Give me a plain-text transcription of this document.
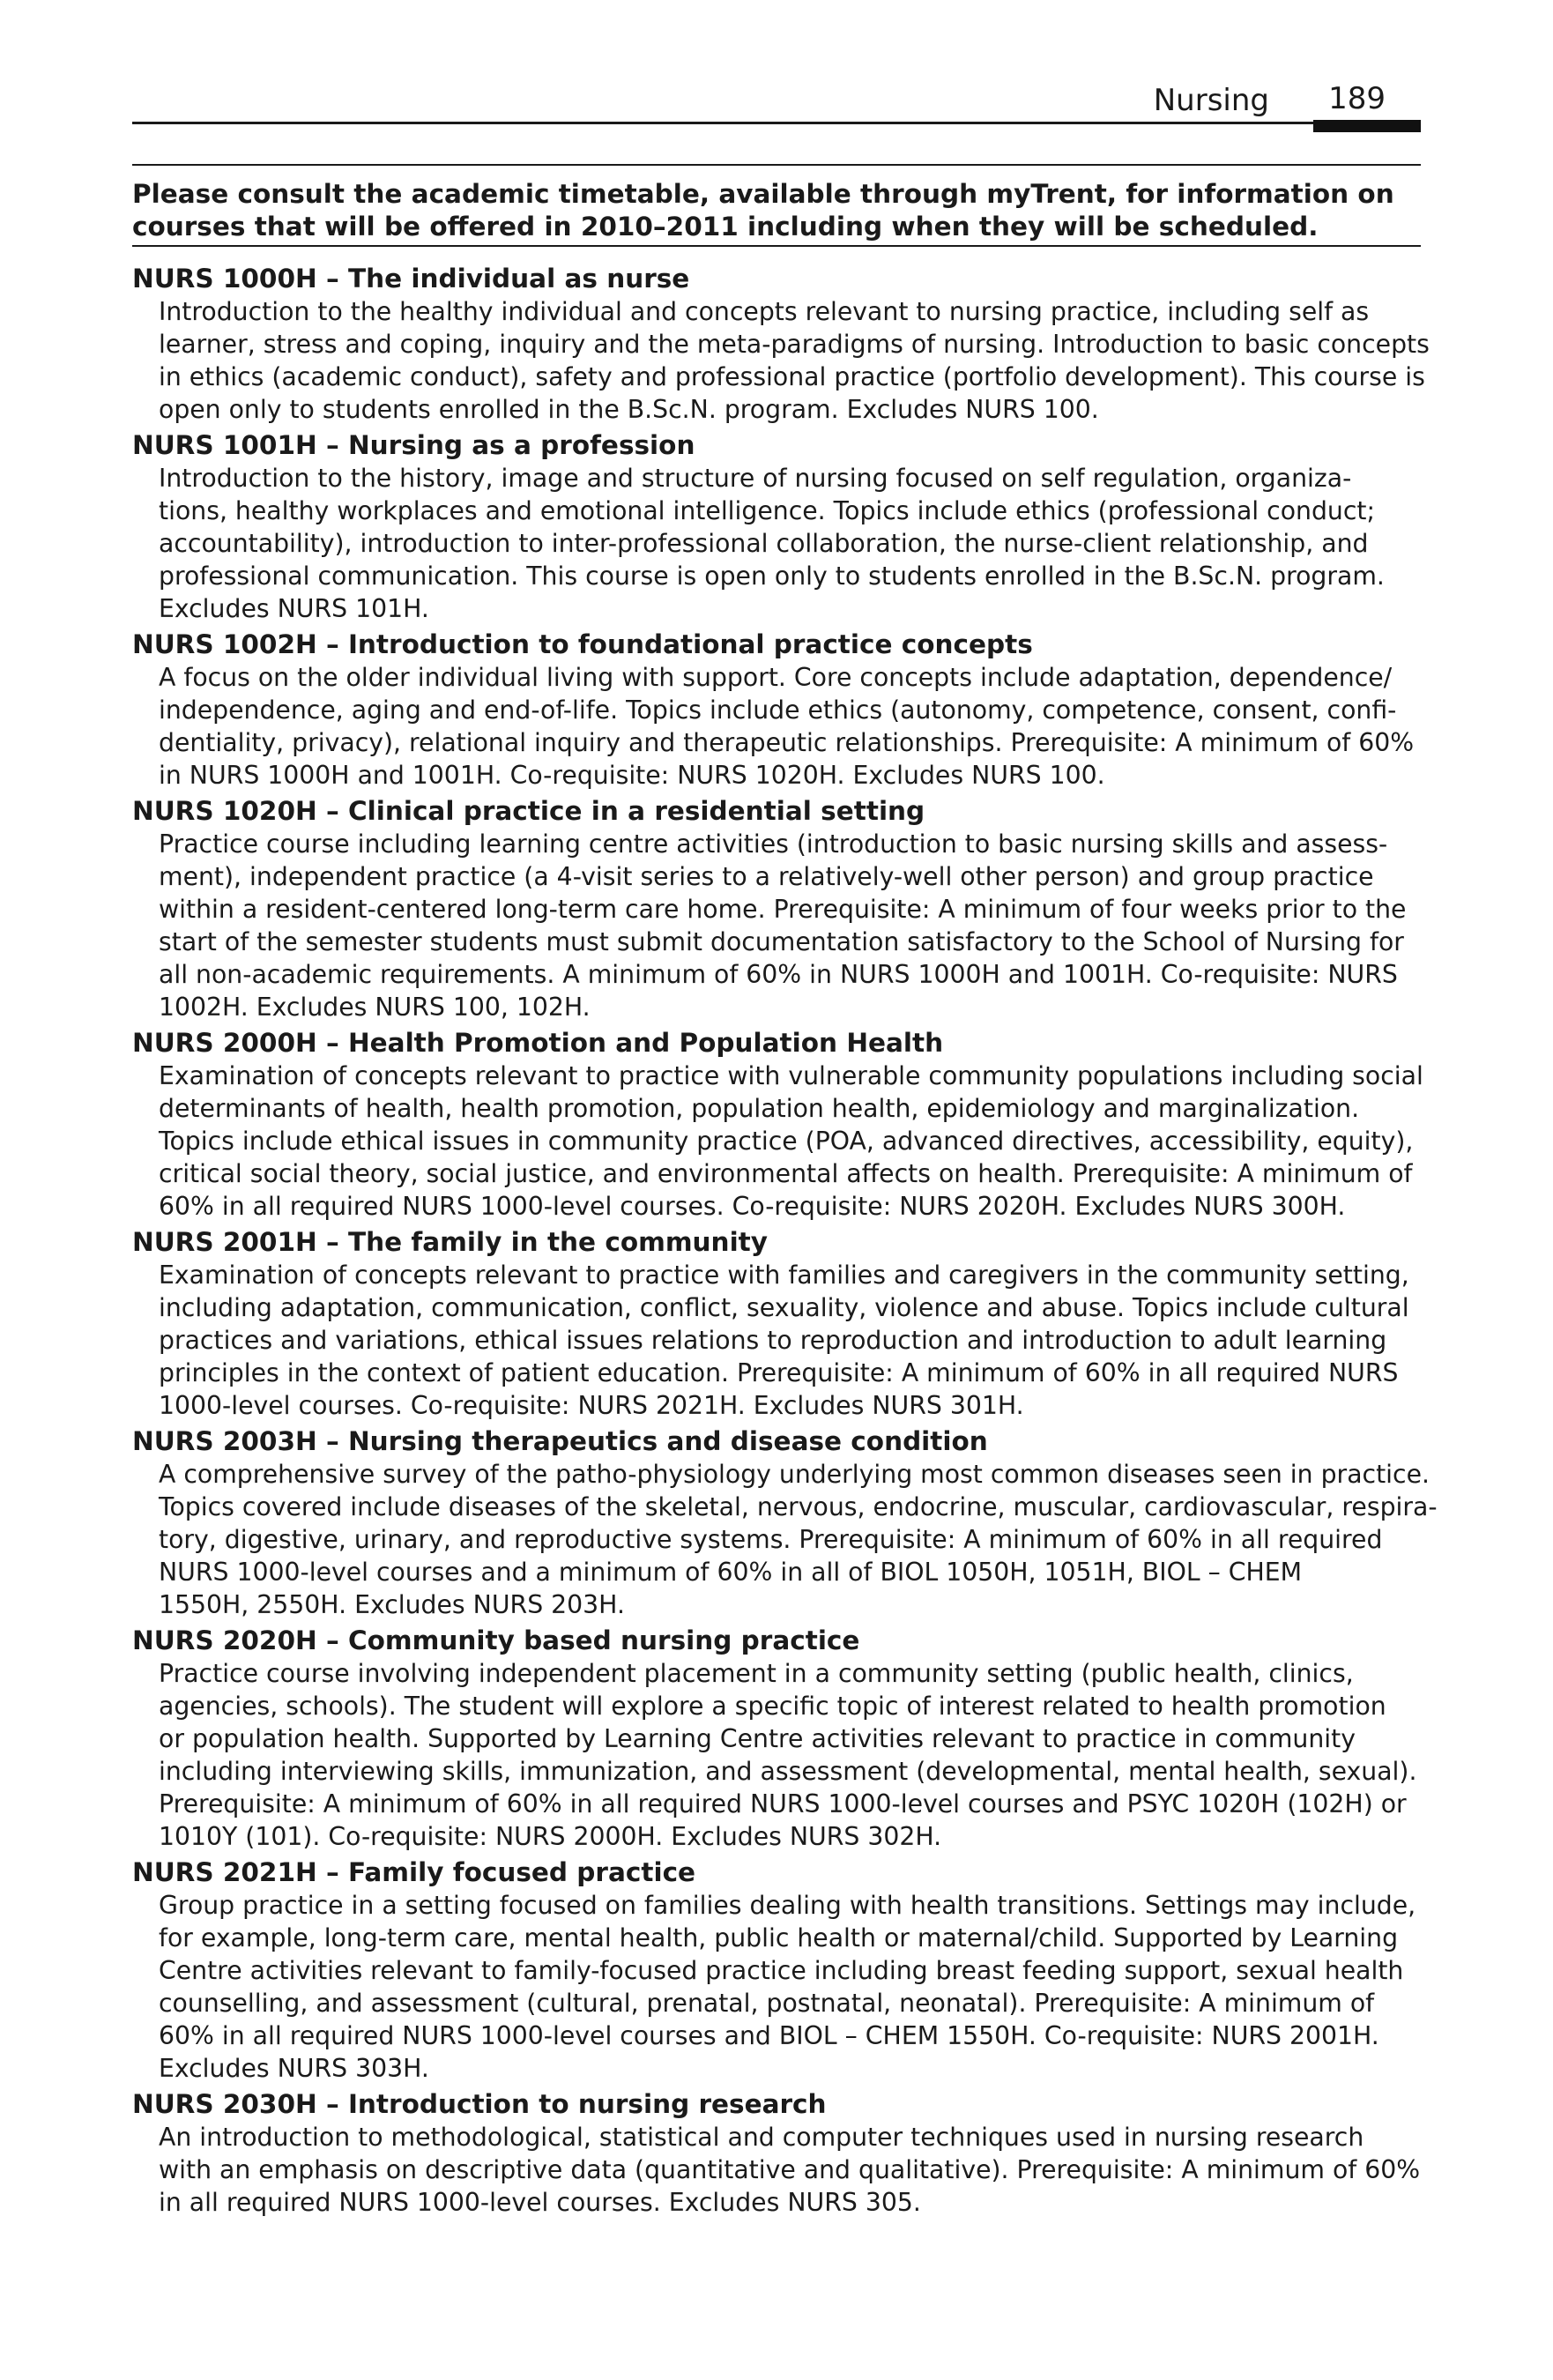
Nursing 189
Please consult the academic timetable, available through myTrent, for information on
courses that will be offered in 2010–2011 including when they will be scheduled.
NURS 1000H – The individual as nurse
Introduction to the healthy individual and concepts relevant to nursing practice, including self as
learner, stress and coping, inquiry and the meta-paradigms of nursing. Introduction to basic concepts
in ethics (academic conduct), safety and professional practice (portfolio development). This course is
open only to students enrolled in the B.Sc.N. program. Excludes NURS 100.
NURS 1001H – Nursing as a profession
Introduction to the history, image and structure of nursing focused on self regulation, organiza-
tions, healthy workplaces and emotional intelligence. Topics include ethics (professional conduct;
accountability), introduction to inter-professional collaboration, the nurse-client relationship, and
professional communication. This course is open only to students enrolled in the B.Sc.N. program.
Excludes NURS 101H.
NURS 1002H – Introduction to foundational practice concepts
A focus on the older individual living with support. Core concepts include adaptation, dependence/
independence, aging and end-of-life. Topics include ethics (autonomy, competence, consent, confi-
dentiality, privacy), relational inquiry and therapeutic relationships. Prerequisite: A minimum of 60%
in NURS 1000H and 1001H. Co-requisite: NURS 1020H. Excludes NURS 100.
NURS 1020H – Clinical practice in a residential setting
Practice course including learning centre activities (introduction to basic nursing skills and assess-
ment), independent practice (a 4-visit series to a relatively-well other person) and group practice
within a resident-centered long-term care home. Prerequisite: A minimum of four weeks prior to the
start of the semester students must submit documentation satisfactory to the School of Nursing for
all non-academic requirements. A minimum of 60% in NURS 1000H and 1001H. Co-requisite: NURS
1002H. Excludes NURS 100, 102H.
NURS 2000H – Health Promotion and Population Health
Examination of concepts relevant to practice with vulnerable community populations including social
determinants of health, health promotion, population health, epidemiology and marginalization.
Topics include ethical issues in community practice (POA, advanced directives, accessibility, equity),
critical social theory, social justice, and environmental affects on health. Prerequisite: A minimum of
60% in all required NURS 1000-level courses. Co-requisite: NURS 2020H. Excludes NURS 300H.
NURS 2001H – The family in the community
Examination of concepts relevant to practice with families and caregivers in the community setting,
including adaptation, communication, conflict, sexuality, violence and abuse. Topics include cultural
practices and variations, ethical issues relations to reproduction and introduction to adult learning
principles in the context of patient education. Prerequisite: A minimum of 60% in all required NURS
1000-level courses. Co-requisite: NURS 2021H. Excludes NURS 301H.
NURS 2003H – Nursing therapeutics and disease condition
A comprehensive survey of the patho-physiology underlying most common diseases seen in practice.
Topics covered include diseases of the skeletal, nervous, endocrine, muscular, cardiovascular, respira-
tory, digestive, urinary, and reproductive systems. Prerequisite: A minimum of 60% in all required
NURS 1000-level courses and a minimum of 60% in all of BIOL 1050H, 1051H, BIOL – CHEM
1550H, 2550H. Excludes NURS 203H.
NURS 2020H – Community based nursing practice
Practice course involving independent placement in a community setting (public health, clinics,
agencies, schools). The student will explore a specific topic of interest related to health promotion
or population health. Supported by Learning Centre activities relevant to practice in community
including interviewing skills, immunization, and assessment (developmental, mental health, sexual).
Prerequisite: A minimum of 60% in all required NURS 1000-level courses and PSYC 1020H (102H) or
1010Y (101). Co-requisite: NURS 2000H. Excludes NURS 302H.
NURS 2021H – Family focused practice
Group practice in a setting focused on families dealing with health transitions. Settings may include,
for example, long-term care, mental health, public health or maternal/child. Supported by Learning
Centre activities relevant to family-focused practice including breast feeding support, sexual health
counselling, and assessment (cultural, prenatal, postnatal, neonatal). Prerequisite: A minimum of
60% in all required NURS 1000-level courses and BIOL – CHEM 1550H. Co-requisite: NURS 2001H.
Excludes NURS 303H.
NURS 2030H – Introduction to nursing research
An introduction to methodological, statistical and computer techniques used in nursing research
with an emphasis on descriptive data (quantitative and qualitative). Prerequisite: A minimum of 60%
in all required NURS 1000-level courses. Excludes NURS 305.
